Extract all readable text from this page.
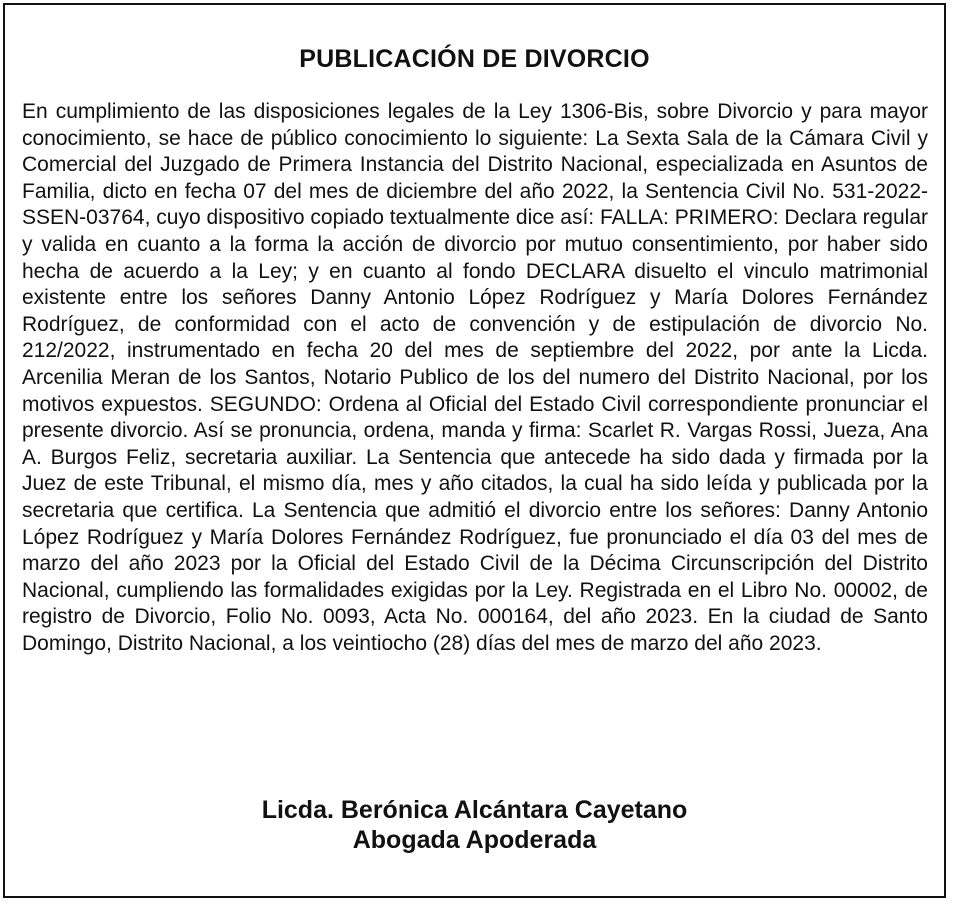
PUBLICACIÓN DE DIVORCIO

En cumplimiento de las disposiciones legales de la Ley 1306-Bis, sobre Divorcio y para mayor conocimiento, se hace de público conocimiento lo siguiente: La Sexta Sala de la Cámara Civil y Comercial del Juzgado de Primera Instancia del Distrito Nacional, especializada en Asuntos de Familia, dicto en fecha 07 del mes de diciembre del año 2022, la Sentencia Civil No. 531-2022-SSEN-03764, cuyo dispositivo copiado textualmente dice así: FALLA: PRIMERO: Declara regular y valida en cuanto a la forma la acción de divorcio por mutuo consentimiento, por haber sido hecha de acuerdo a la Ley; y en cuanto al fondo DECLARA disuelto el vinculo matrimonial existente entre los señores Danny Antonio López Rodríguez y María Dolores Fernández Rodríguez, de conformidad con el acto de convención y de estipulación de divorcio No. 212/2022, instrumentado en fecha 20 del mes de septiembre del 2022, por ante la Licda. Arcenilia Meran de los Santos, Notario Publico de los del numero del Distrito Nacional, por los motivos expuestos. SEGUNDO: Ordena al Oficial del Estado Civil correspondiente pronunciar el presente divorcio. Así se pronuncia, ordena, manda y firma: Scarlet R. Vargas Rossi, Jueza, Ana A. Burgos Feliz, secretaria auxiliar. La Sentencia que antecede ha sido dada y firmada por la Juez de este Tribunal, el mismo día, mes y año citados, la cual ha sido leída y publicada por la secretaria que certifica. La Sentencia que admitió el divorcio entre los señores: Danny Antonio López Rodríguez y María Dolores Fernández Rodríguez, fue pronunciado el día 03 del mes de marzo del año 2023 por la Oficial del Estado Civil de la Décima Circunscripción del Distrito Nacional, cumpliendo las formalidades exigidas por la Ley. Registrada en el Libro No. 00002, de registro de Divorcio, Folio No. 0093, Acta No. 000164, del año 2023. En la ciudad de Santo Domingo, Distrito Nacional, a los veintiocho (28) días del mes de marzo del año 2023.

Licda. Berónica Alcántara Cayetano
Abogada Apoderada
